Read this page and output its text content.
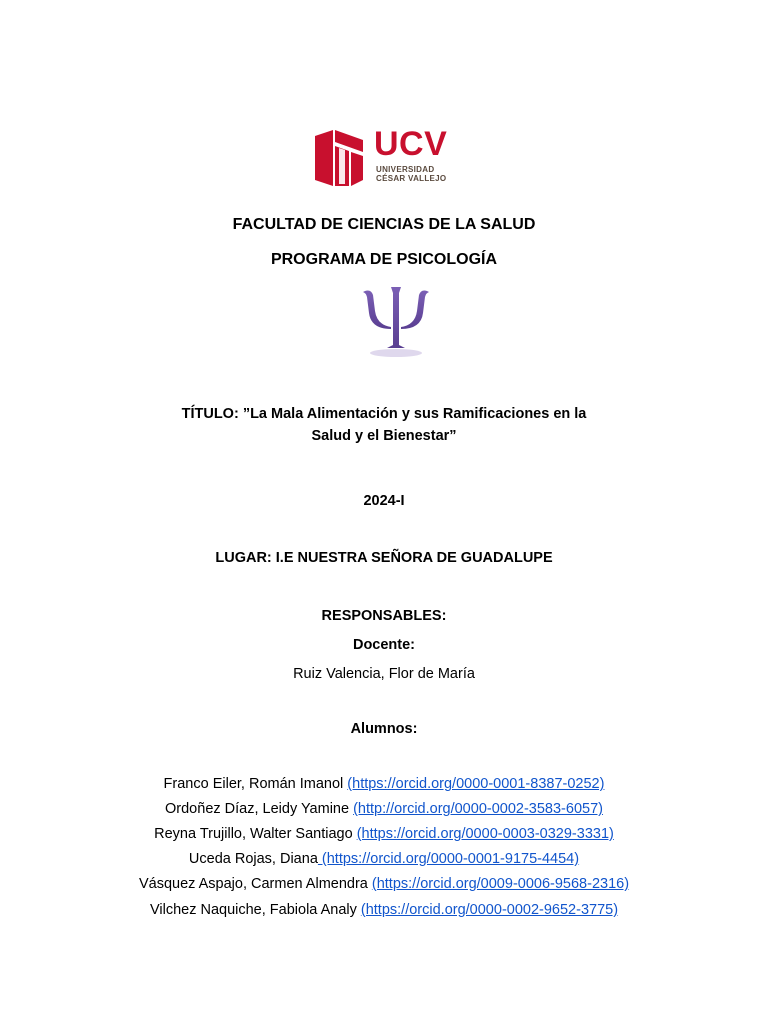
UCV
UNIVERSIDAD
CÉSAR VALLEJO
FACULTAD DE CIENCIAS DE LA SALUD
PROGRAMA DE PSICOLOGÍA
TÍTULO: ”La Mala Alimentación y sus Ramificaciones en la
Salud y el Bienestar”
2024-I
LUGAR: I.E NUESTRA SEÑORA DE GUADALUPE
RESPONSABLES:
Docente:
Ruiz Valencia, Flor de María
Alumnos:
Franco Eiler, Román Imanol (https://orcid.org/0000-0001-8387-0252)
Ordoñez Díaz, Leidy Yamine (http://orcid.org/0000-0002-3583-6057)
Reyna Trujillo, Walter Santiago (https://orcid.org/0000-0003-0329-3331)
Uceda Rojas, Diana (https://orcid.org/0000-0001-9175-4454)
Vásquez Aspajo, Carmen Almendra (https://orcid.org/0009-0006-9568-2316)
Vilchez Naquiche, Fabiola Analy (https://orcid.org/0000-0002-9652-3775)
